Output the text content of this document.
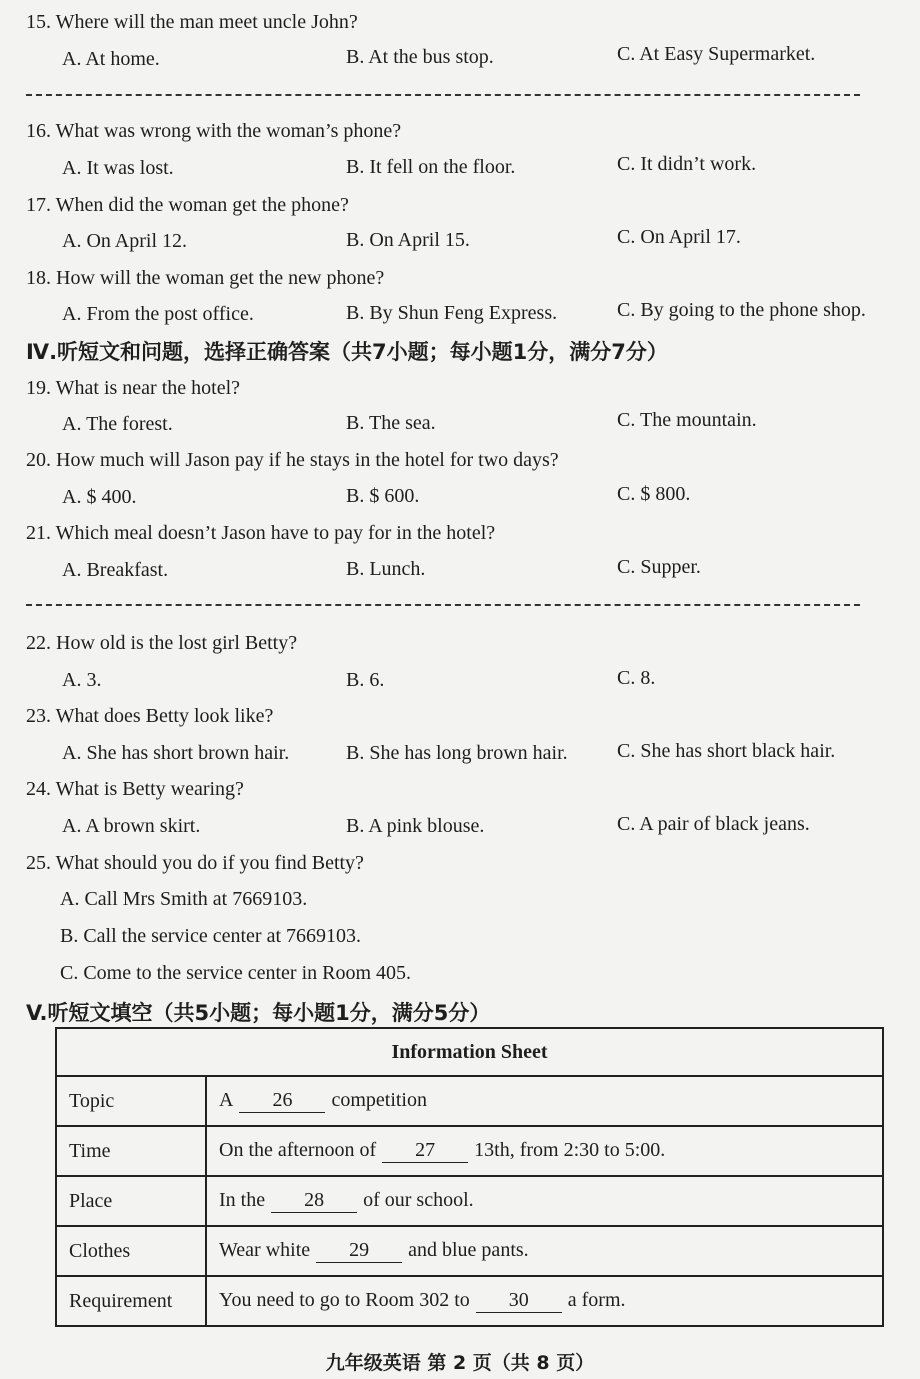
15. Where will the man meet uncle John?
A. At home.	B. At the bus stop.	C. At Easy Supermarket.
16. What was wrong with the woman’s phone?
A. It was lost.	B. It fell on the floor.	C. It didn’t work.
17. When did the woman get the phone?
A. On April 12.	B. On April 15.	C. On April 17.
18. How will the woman get the new phone?
A. From the post office.	B. By Shun Feng Express.	C. By going to the phone shop.
Ⅳ.听短文和问题，选择正确答案（共7小题；每小题1分，满分7分）
19. What is near the hotel?
A. The forest.	B. The sea.	C. The mountain.
20. How much will Jason pay if he stays in the hotel for two days?
A. $ 400.	B. $ 600.	C. $ 800.
21. Which meal doesn’t Jason have to pay for in the hotel?
A. Breakfast.	B. Lunch.	C. Supper.
22. How old is the lost girl Betty?
A. 3.	B. 6.	C. 8.
23. What does Betty look like?
A. She has short brown hair.	B. She has long brown hair. C. She has short black hair.
24. What is Betty wearing?
A. A brown skirt.	B. A pink blouse.	C. A pair of black jeans.
25. What should you do if you find Betty?
A. Call Mrs Smith at 7669103.
B. Call the service center at 7669103.
C. Come to the service center in Room 405.
V.听短文填空（共5小题；每小题1分，满分5分）
Information Sheet	
Topic	A 26 competition
Time	On the afternoon of 27 13th, from 2:30 to 5:00.
Place	In the 28 of our school.
Clothes	Wear white 29 and blue pants.
Requirement	You need to go to Room 302 to 30 a form.
九年级英语 第 2 页（共 8 页）
